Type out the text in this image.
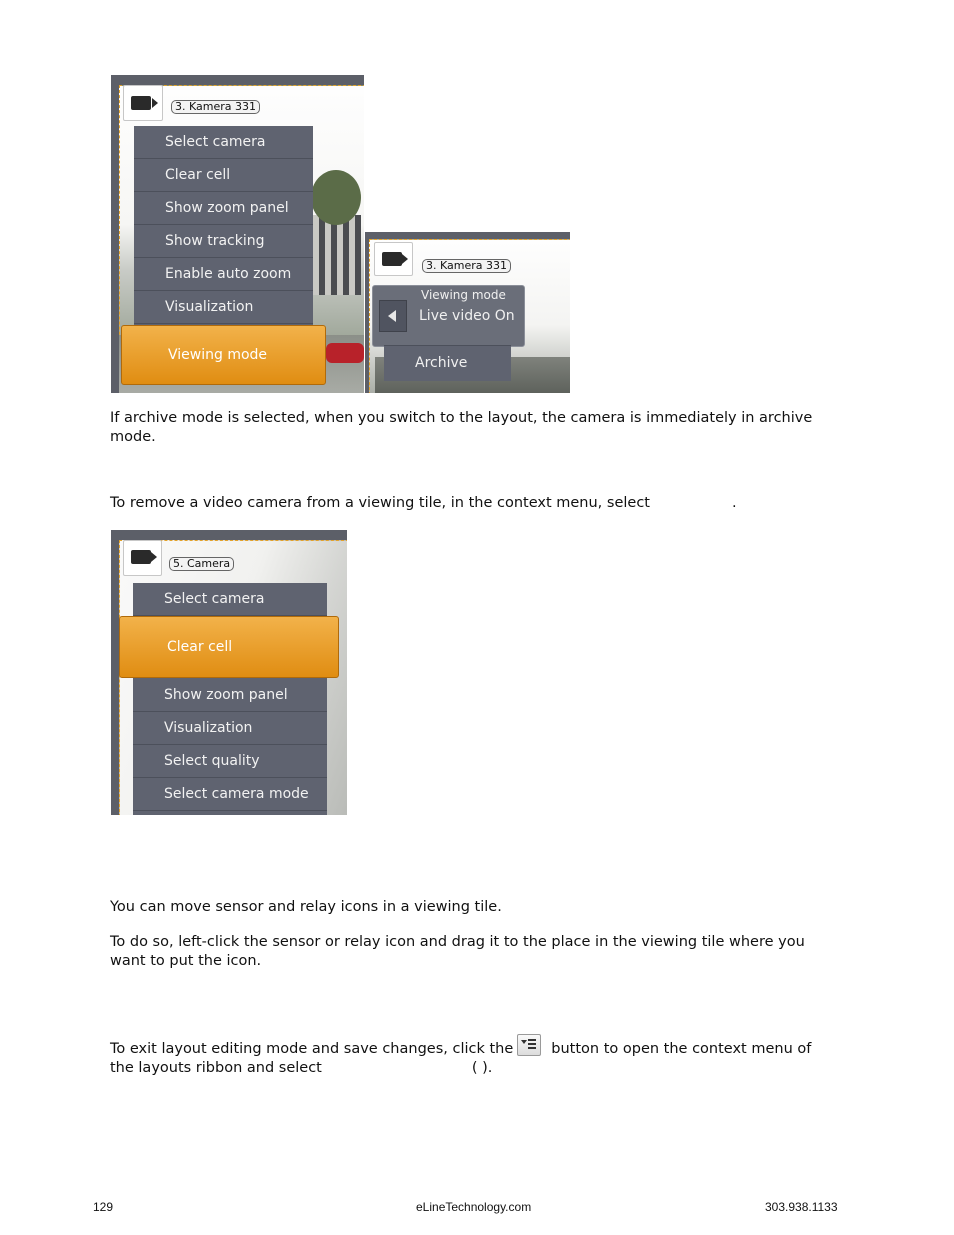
3. Kamera 331
Select camera
Clear cell
Show zoom panel
Show tracking
Enable auto zoom
Visualization
Viewing mode
3. Kamera 331
Viewing mode
Live video On
Archive
If archive mode is selected, when you switch to the layout, the camera is immediately in archive
mode.
To remove a video camera from a viewing tile, in the context menu, select	.
5. Camera
Select camera
Show zoom panel
Visualization
Select quality
Select camera mode
Clear cell
You can move sensor and relay icons in a viewing tile.
To do so, left-click the sensor or relay icon and drag it to the place in the viewing tile where you
want to put the icon.
To exit layout editing mode and save changes, click the	button to open the context menu of
the layouts ribbon and select	( ).
129	eLineTechnology.com	303.938.1133
